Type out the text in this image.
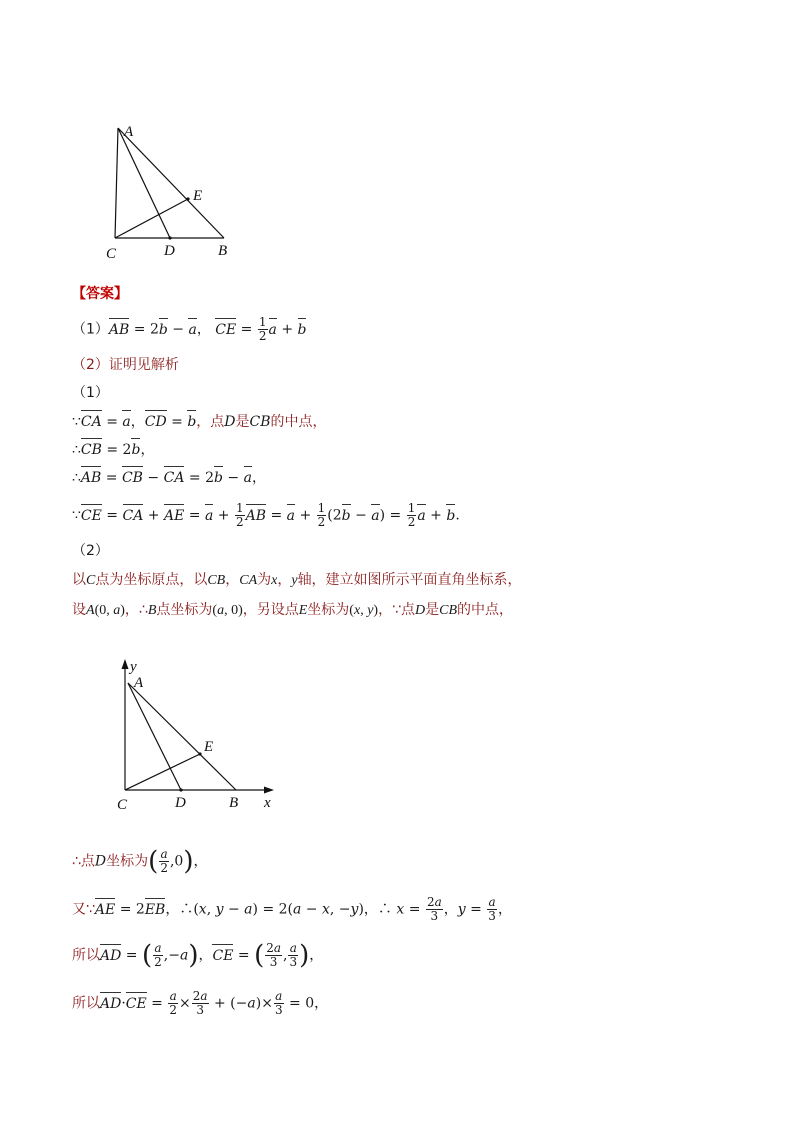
A
E
C	D	B
【答案】
（1）AB = 2b − a， CE = $\frac{1}{2}$ a + b
（2）证明见解析
（1）
∵CA = a，CD = b，点D是CB的中点，
∴CB = 2b，
∴AB = CB − CA = 2b − a，
∵CE = CA + AE = $a + \frac{1}{2}$ AB = $a + \frac{1}{2} (2b - a) = \frac{1}{2}$ a + b.
（2）
以C点为坐标原点，以CB，CA为x，y轴，建立如图所示平面直角坐标系，
设A(0, a)，∴B点坐标为(a, 0)，另设点E坐标为(x, y)，∵点D是CB的中点，
y
A
E
C	D	B x
∴点D坐标为( $\frac{a}{2} ,0$)，
又∵AE = 2EB，∴(x, y − a) = 2(a − x, −y)，∴ $x = \frac{2a}{3}$ ，$y = \frac{a}{3}$ ，
所以AD = ( $\frac{a}{2} ,-a$)，CE = ( $\frac{2a}{3}$ , $\frac{a}{3}$ )，
所以$AD\cdot CE = \frac{a}{2} \times \frac{2a}{3} + (-a)\times \frac{a}{3} = 0$，
